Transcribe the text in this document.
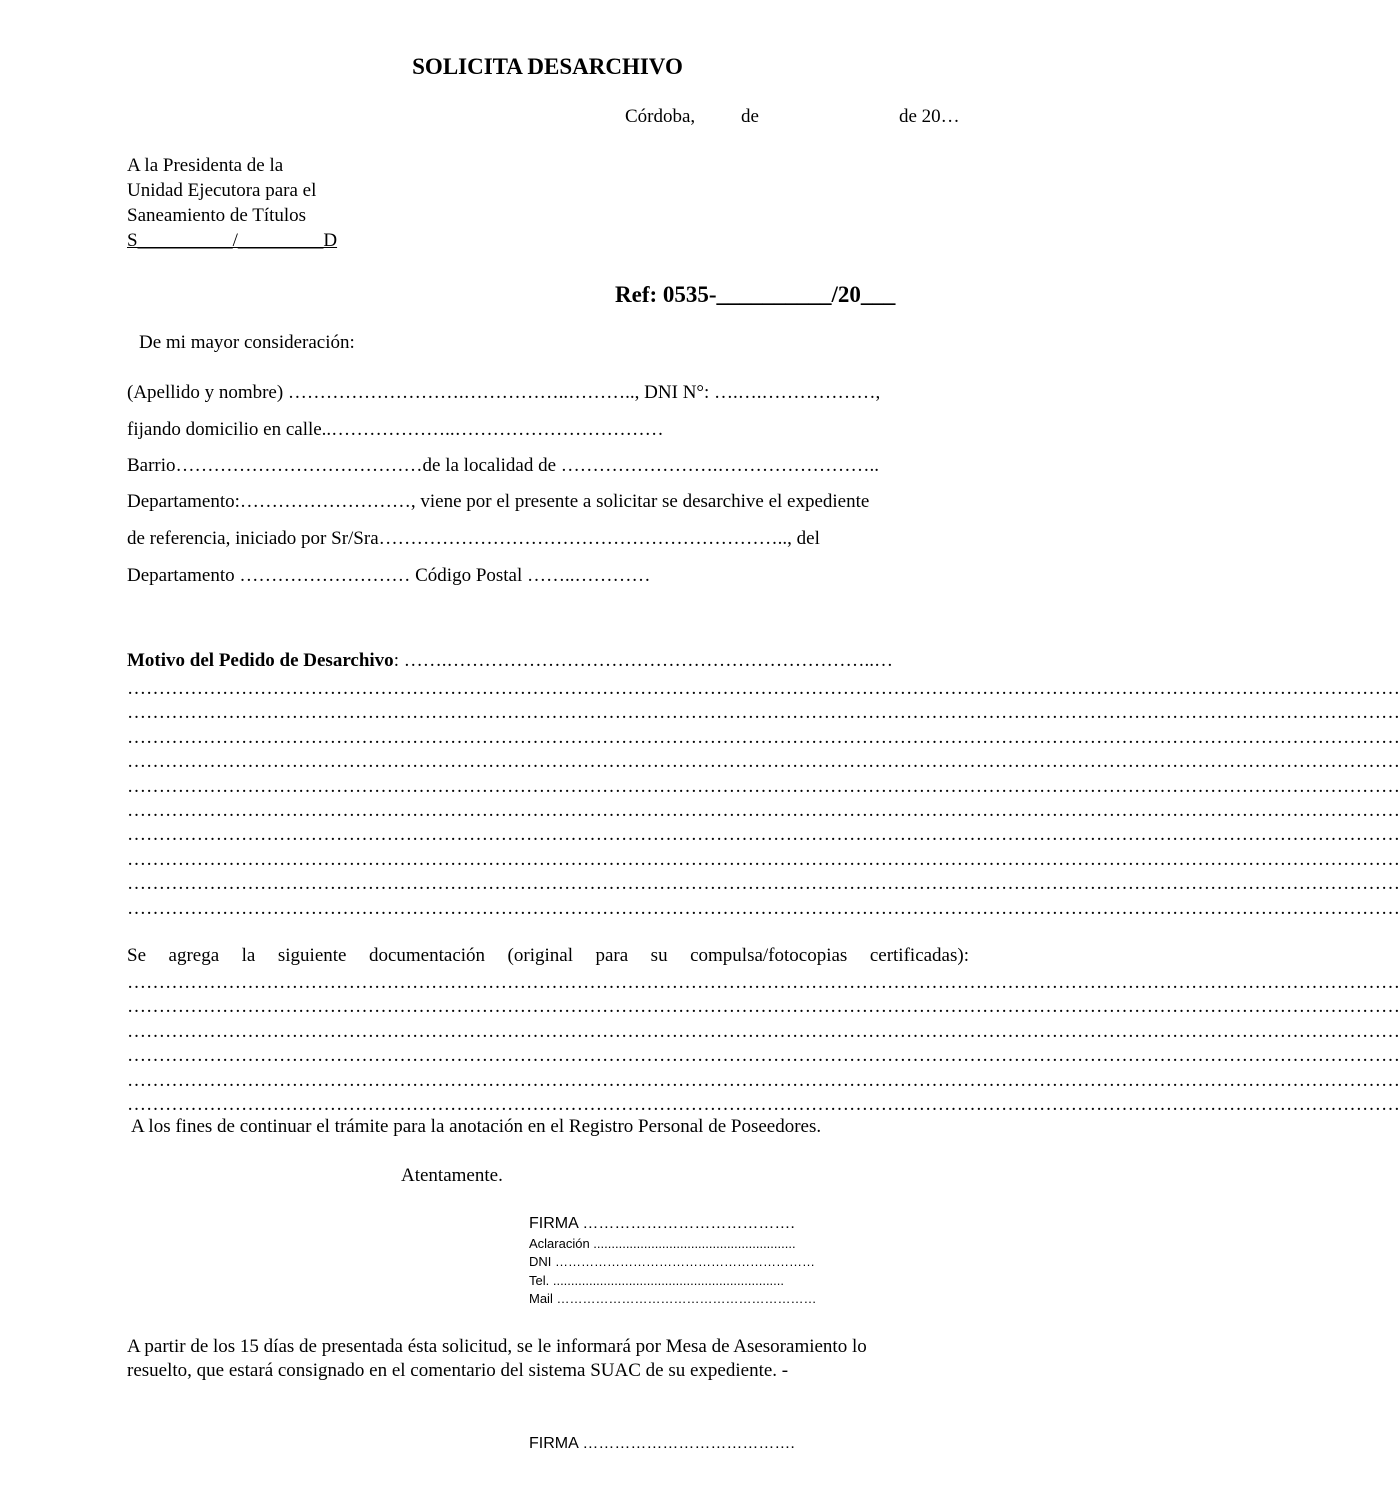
SOLICITA DESARCHIVO
Córdoba, de	de 20…
A la Presidenta de la
Unidad Ejecutora para el
Saneamiento de Títulos
S__________/_________D
Ref: 0535-__________/20___
De mi mayor consideración:
(Apellido y nombre) ……………………….……………..……….., DNI N°: ….….………………,
fijando domicilio en calle..………………..……………………………
Barrio…………………………………de la localidad de …………………….……………………..
Departamento:………………………, viene por el presente a solicitar se desarchive el expediente
de referencia, iniciado por Sr/Sra……………………………………………………….., del
Departamento ……………………… Código Postal ……..…………
Motivo del Pedido de Desarchivo: …….…………………………………………………………..…
…………………………………………………………………………………………………………………………………………………………………………………
…………………………………………………………………………………………………………………………………………………………………………………
…………………………………………………………………………………………………………………………………………………………………………………
…………………………………………………………………………………………………………………………………………………………………………………
…………………………………………………………………………………………………………………………………………………………………………………
…………………………………………………………………………………………………………………………………………………………………………………
…………………………………………………………………………………………………………………………………………………………………………………
…………………………………………………………………………………………………………………………………………………………………………………
…………………………………………………………………………………………………………………………………………………………………………………
…………………………………………………………………………………………………………………………………………………………………………………
Se agrega la siguiente documentación (original para su compulsa/fotocopias certificadas):
…………………………………………………………………………………………………………………………………………………………………………………
…………………………………………………………………………………………………………………………………………………………………………………
…………………………………………………………………………………………………………………………………………………………………………………
…………………………………………………………………………………………………………………………………………………………………………………
…………………………………………………………………………………………………………………………………………………………………………………
…………………………………………………………………………………………………………………………………………………………………………………
A los fines de continuar el trámite para la anotación en el Registro Personal de Poseedores.
Atentamente.
FIRMA ………………………………….
Aclaración ........................................................
DNI ……………………………………………………
Tel. ................................................................
Mail ……………………………………………………
A partir de los 15 días de presentada ésta solicitud, se le informará por Mesa de Asesoramiento lo
resuelto, que estará consignado en el comentario del sistema SUAC de su expediente. -
FIRMA ………………………………….
